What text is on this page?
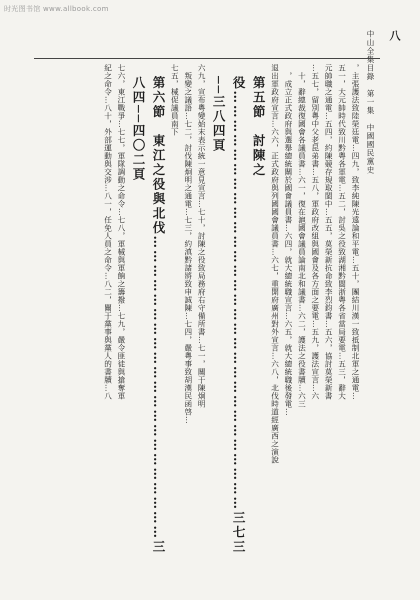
时光图书馆 www.allbook.com
八
中山全集目錄　第一集　中國國民黨史
，主張護法致陸榮廷電…四九，致李純陳光遠論和平電…五十，團結川漢一致抵制北軍之通電…
五一，大元帥時代致川黔粵各軍電…五二，討吳之役致湖湘黔閩浙粵各省當局要電…五三，辭大
元帥職之通電…五四，約陳競存規取閩中…五五，莫榮新抗命致李烈鈞書…五六，協討莫榮新書
…五七，留別粵中父老昆弟書…五八，軍政府改組與國會及各方面之要電…五九，護法宣言…六
十，辭總裁復國會各議員書…六一，復在滬國會議員論南北和議書…六二，護法之役書牘…六三
，成立正式政府與選舉總統關於國會議員書…六四，就大總統職宣言…六五，就大總統職後發電…
退出軍政府宣言…六六，正式政府與列國國會議員書…六七，重開府廣州對外宣言…六八，北伐時道經廣西之演說
第五節　討陳之役……………………………………………………………………………三七三──三八四頁
六九，宣布粵變始末表示統一意見宣言…七十，討陳之役致局務府右守備所書…七一，關于陳炯明
叛變之議語…七二，討伐陳炯明之通電…七三，約滇黔諸將致申誠陳…七四，嚴粵事致胡漢民函啓…
七五，械促議員南下
第六節　東江之役與北伐………………………………………………………三八四──四〇二頁
七六，東江戰爭…七七，軍隊調動之命令…七八，軍械與軍餉之籌撥…七九，嚴令匪徒與搶奪軍
紀之命令…八十，外部運動與交涉…八一，任免人員之命令…八二，關于黨事與黨人的書牘…八
